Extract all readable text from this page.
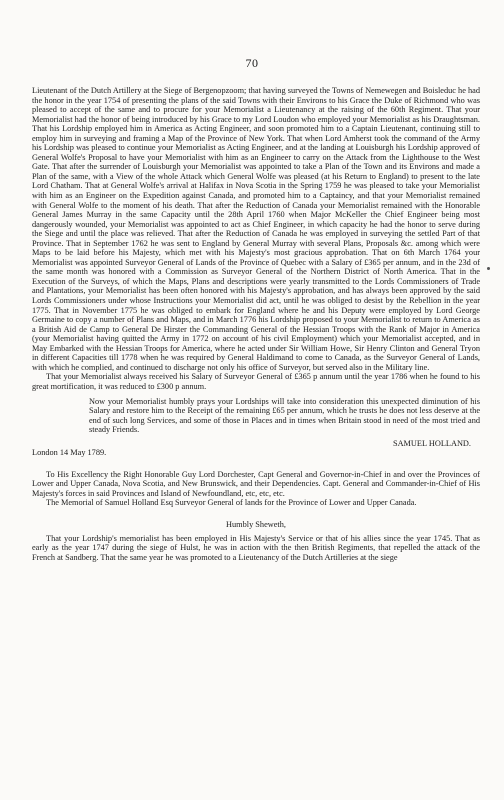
70

Lieutenant of the Dutch Artillery at the Siege of Bergenopzoom; that having surveyed the Towns of Nemewegen and Boisleduc he had the honor in the year 1754 of presenting the plans of the said Towns with their Environs to his Grace the Duke of Richmond who was pleased to accept of the same and to procure for your Memorialist a Lieutenancy at the raising of the 60th Regiment. That your Memorialist had the honor of being introduced by his Grace to my Lord Loudon who employed your Memorialist as his Draughtsman. That his Lordship employed him in America as Acting Engineer, and soon promoted him to a Captain Lieutenant, continuing still to employ him in surveying and framing a Map of the Province of New York. That when Lord Amherst took the command of the Army his Lordship was pleased to continue your Memorialist as Acting Engineer, and at the landing at Louisburgh his Lordship approved of General Wolfe's Proposal to have your Memorialist with him as an Engineer to carry on the Attack from the Lighthouse to the West Gate. That after the surrender of Louisburgh your Memorialist was appointed to take a Plan of the Town and its Environs and made a Plan of the same, with a View of the whole Attack which General Wolfe was pleased (at his Return to England) to present to the late Lord Chatham. That at General Wolfe's arrival at Halifax in Nova Scotia in the Spring 1759 he was pleased to take your Memorialist with him as an Engineer on the Expedition against Canada, and promoted him to a Captaincy, and that your Memorialist remained with General Wolfe to the moment of his death. That after the Reduction of Canada your Memorialist remained with the Honorable General James Murray in the same Capacity until the 28th April 1760 when Major McKeller the Chief Engineer being most dangerously wounded, your Memorialist was appointed to act as Chief Engineer, in which capacity he had the honor to serve during the Siege and until the place was relieved. That after the Reduction of Canada he was employed in surveying the settled Part of that Province. That in September 1762 he was sent to England by General Murray with several Plans, Proposals &c. among which were Maps to be laid before his Majesty, which met with his Majesty's most gracious approbation. That on 6th March 1764 your Memorialist was appointed Surveyor General of Lands of the Province of Quebec with a Salary of £365 per annum, and in the 23d of the same month was honored with a Commission as Surveyor General of the Northern District of North America. That in the Execution of the Surveys, of which the Maps, Plans and descriptions were yearly transmitted to the Lords Commissioners of Trade and Plantations, your Memorialist has been often honored with his Majesty's approbation, and has always been approved by the said Lords Commissioners under whose Instructions your Memorialist did act, until he was obliged to desist by the Rebellion in the year 1775. That in November 1775 he was obliged to embark for England where he and his Deputy were employed by Lord George Germaine to copy a number of Plans and Maps, and in March 1776 his Lordship proposed to your Memorialist to return to America as a British Aid de Camp to General De Hirster the Commanding General of the Hessian Troops with the Rank of Major in America (your Memorialist having quitted the Army in 1772 on account of his civil Employment) which your Memorialist accepted, and in May Embarked with the Hessian Troops for America, where he acted under Sir William Howe, Sir Henry Clinton and General Tryon in different Capacities till 1778 when he was required by General Haldimand to come to Canada, as the Surveyor General of Lands, with which he complied, and continued to discharge not only his office of Surveyor, but served also in the Military line.

That your Memorialist always received his Salary of Surveyor General of £365 p annum until the year 1786 when he found to his great mortification, it was reduced to £300 p annum.

Now your Memorialist humbly prays your Lordships will take into consideration this unexpected diminution of his Salary and restore him to the Receipt of the remaining £65 per annum, which he trusts he does not less deserve at the end of such long Services, and some of those in Places and in times when Britain stood in need of the most tried and steady Friends.

SAMUEL HOLLAND.

London 14 May 1789.

To His Excellency the Right Honorable Guy Lord Dorchester, Capt General and Governor-in-Chief in and over the Provinces of Lower and Upper Canada, Nova Scotia, and New Brunswick, and their Dependencies. Capt. General and Commander-in-Chief of His Majesty's forces in said Provinces and Island of Newfoundland, etc, etc, etc.

The Memorial of Samuel Holland Esq Surveyor General of lands for the Province of Lower and Upper Canada.

Humbly Sheweth,

That your Lordship's memorialist has been employed in His Majesty's Service or that of his allies since the year 1745. That as early as the year 1747 during the siege of Hulst, he was in action with the then British Regiments, that repelled the attack of the French at Sandberg. That the same year he was promoted to a Lieutenancy of the Dutch Artilleries at the siege
